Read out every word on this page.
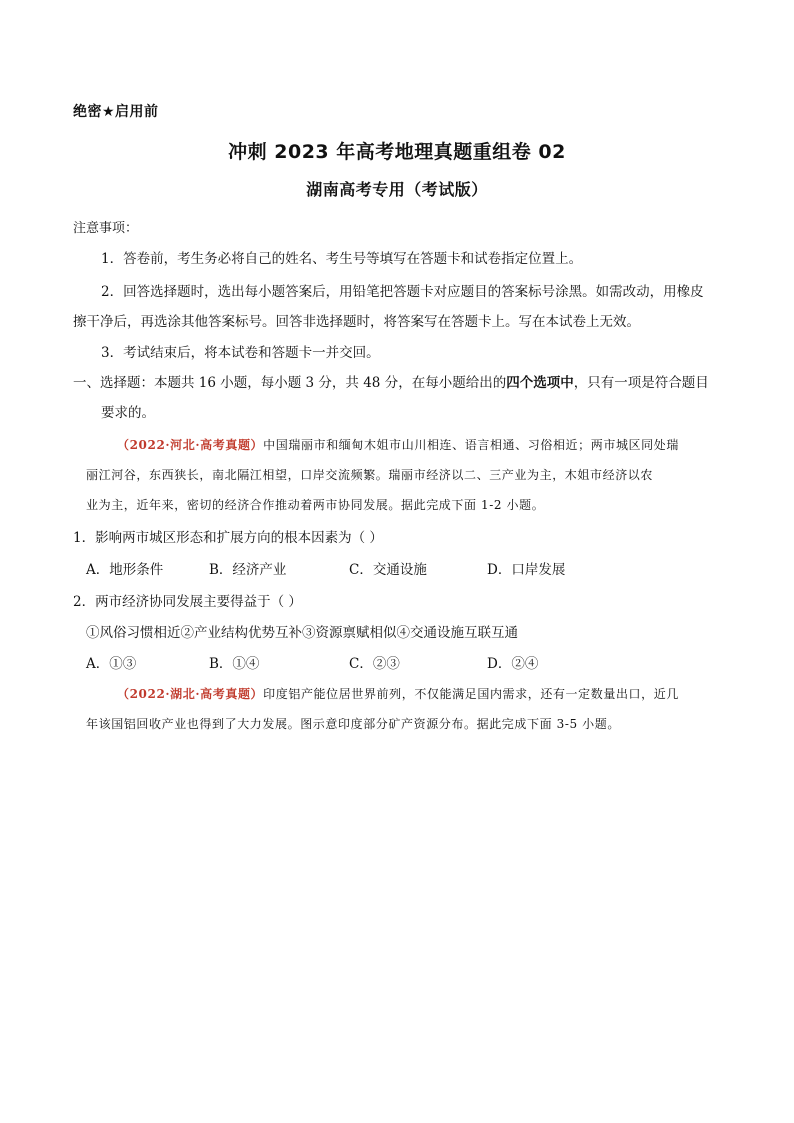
绝密★启用前
冲刺 2023 年高考地理真题重组卷 02
湖南高考专用（考试版）
注意事项：
1．答卷前，考生务必将自己的姓名、考生号等填写在答题卡和试卷指定位置上。
2．回答选择题时，选出每小题答案后，用铅笔把答题卡对应题目的答案标号涂黑。如需改动，用橡皮
擦干净后，再选涂其他答案标号。回答非选择题时，将答案写在答题卡上。写在本试卷上无效。
3．考试结束后，将本试卷和答题卡一并交回。
一、选择题：本题共 16 小题，每小题 3 分，共 48 分，在每小题给出的四个选项中，只有一项是符合题目
要求的。
（2022·河北·高考真题）中国瑞丽市和缅甸木姐市山川相连、语言相通、习俗相近；两市城区同处瑞
丽江河谷，东西狭长，南北隔江相望，口岸交流频繁。瑞丽市经济以二、三产业为主，木姐市经济以农
业为主，近年来，密切的经济合作推动着两市协同发展。据此完成下面 1-2 小题。
1．影响两市城区形态和扩展方向的根本因素为（ ）
A．地形条件	B．经济产业	C．交通设施	D．口岸发展
2．两市经济协同发展主要得益于（ ）
①风俗习惯相近②产业结构优势互补③资源禀赋相似④交通设施互联互通
A．①③	B．①④	C．②③	D．②④
（2022·湖北·高考真题）印度铝产能位居世界前列，不仅能满足国内需求，还有一定数量出口，近几
年该国铝回收产业也得到了大力发展。图示意印度部分矿产资源分布。据此完成下面 3-5 小题。
